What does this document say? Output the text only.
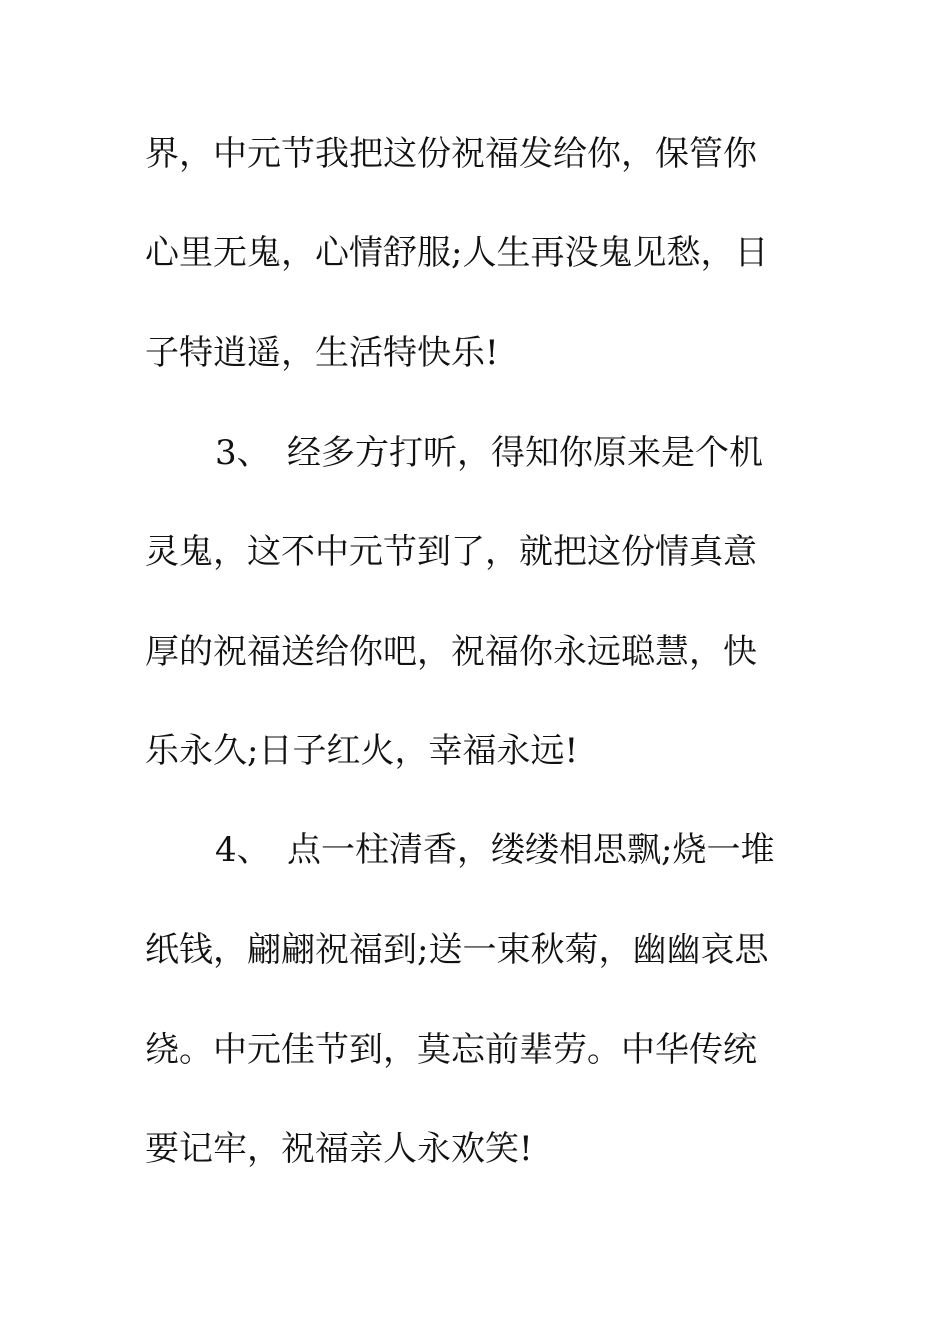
界，中元节我把这份祝福发给你，保管你
心里无鬼，心情舒服;人生再没鬼见愁，日
子特逍遥，生活特快乐!
3、 经多方打听，得知你原来是个机
灵鬼，这不中元节到了，就把这份情真意
厚的祝福送给你吧，祝福你永远聪慧，快
乐永久;日子红火，幸福永远!
4、 点一柱清香，缕缕相思飘;烧一堆
纸钱，翩翩祝福到;送一束秋菊，幽幽哀思
绕。中元佳节到，莫忘前辈劳。中华传统
要记牢，祝福亲人永欢笑!
